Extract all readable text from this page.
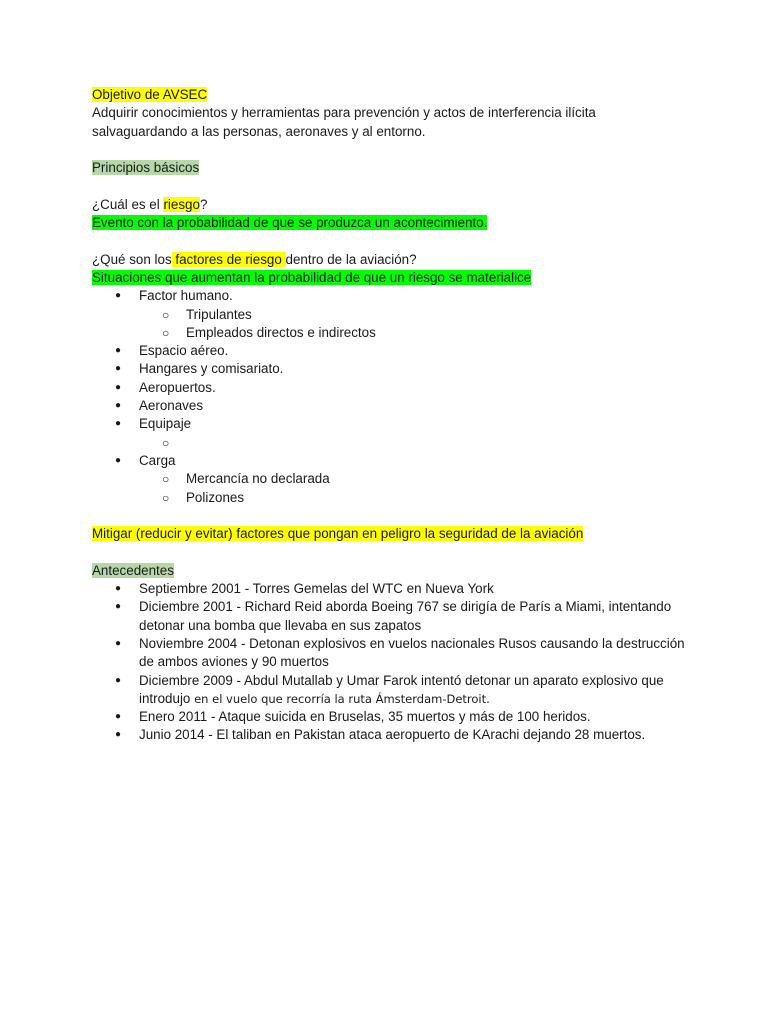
Objetivo de AVSEC

Adquirir conocimientos y herramientas para prevención y actos de interferencia ilícita salvaguardando a las personas, aeronaves y al entorno.

Principios básicos

¿Cuál es el riesgo?

Evento con la probabilidad de que se produzca un acontecimiento.

¿Qué son los factores de riesgo dentro de la aviación?

Situaciones que aumentan la probabilidad de que un riesgo se materialice

● Factor humano.
○ Tripulantes
○ Empleados directos e indirectos
● Espacio aéreo.
● Hangares y comisariato.
● Aeropuertos.
● Aeronaves
● Equipaje
○
● Carga
○ Mercancía no declarada
○ Polizones

Mitigar (reducir y evitar) factores que pongan en peligro la seguridad de la aviación

Antecedentes

● Septiembre 2001 - Torres Gemelas del WTC en Nueva York
● Diciembre 2001 - Richard Reid aborda Boeing 767 se dirigía de París a Miami, intentando detonar una bomba que llevaba en sus zapatos
● Noviembre 2004 - Detonan explosivos en vuelos nacionales Rusos causando la destrucción de ambos aviones y 90 muertos
● Diciembre 2009 - Abdul Mutallab y Umar Farok intentó detonar un aparato explosivo que introdujo en el vuelo que recorría la ruta Ámsterdam-Detroit.
● Enero 2011 - Ataque suicida en Bruselas, 35 muertos y más de 100 heridos.
● Junio 2014 - El taliban en Pakistan ataca aeropuerto de KArachi dejando 28 muertos.
